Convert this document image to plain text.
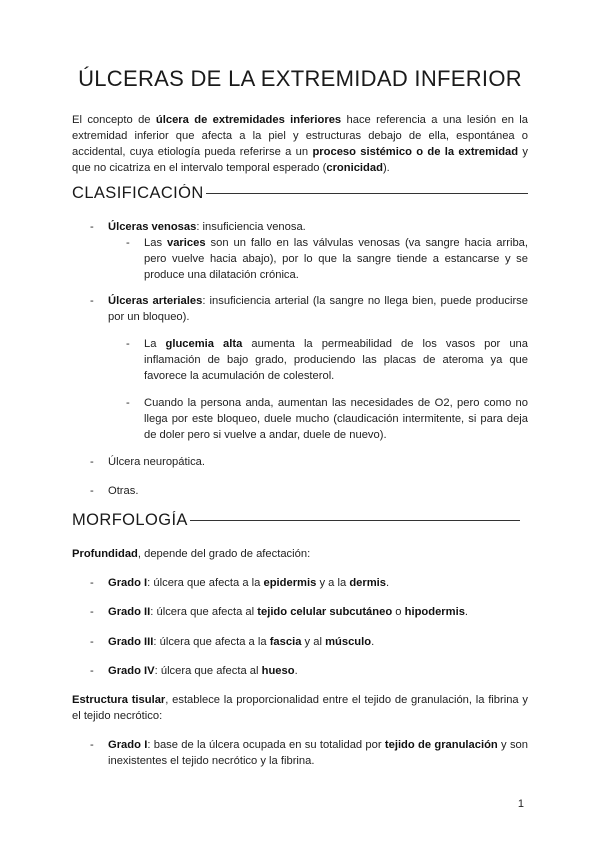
ÚLCERAS DE LA EXTREMIDAD INFERIOR

El concepto de úlcera de extremidades inferiores hace referencia a una lesión en la extremidad inferior que afecta a la piel y estructuras debajo de ella, espontánea o accidental, cuya etiología pueda referirse a un proceso sistémico o de la extremidad y que no cicatriza en el intervalo temporal esperado (cronicidad).

CLASIFICACIÓN

- Úlceras venosas: insuficiencia venosa.

- Las varices son un fallo en las válvulas venosas (va sangre hacia arriba, pero vuelve hacia abajo), por lo que la sangre tiende a estancarse y se produce una dilatación crónica.

- Úlceras arteriales: insuficiencia arterial (la sangre no llega bien, puede producirse por un bloqueo).

- La glucemia alta aumenta la permeabilidad de los vasos por una inflamación de bajo grado, produciendo las placas de ateroma ya que favorece la acumulación de colesterol.

- Cuando la persona anda, aumentan las necesidades de O2, pero como no llega por este bloqueo, duele mucho (claudicación intermitente, si para deja de doler pero si vuelve a andar, duele de nuevo).

- Úlcera neuropática.

- Otras.

MORFOLOGÍA

Profundidad, depende del grado de afectación:

- Grado I: úlcera que afecta a la epidermis y a la dermis.

- Grado II: úlcera que afecta al tejido celular subcutáneo o hipodermis.

- Grado III: úlcera que afecta a la fascia y al músculo.

- Grado IV: úlcera que afecta al hueso.

Estructura tisular, establece la proporcionalidad entre el tejido de granulación, la fibrina y el tejido necrótico:

- Grado I: base de la úlcera ocupada en su totalidad por tejido de granulación y son inexistentes el tejido necrótico y la fibrina.

1
